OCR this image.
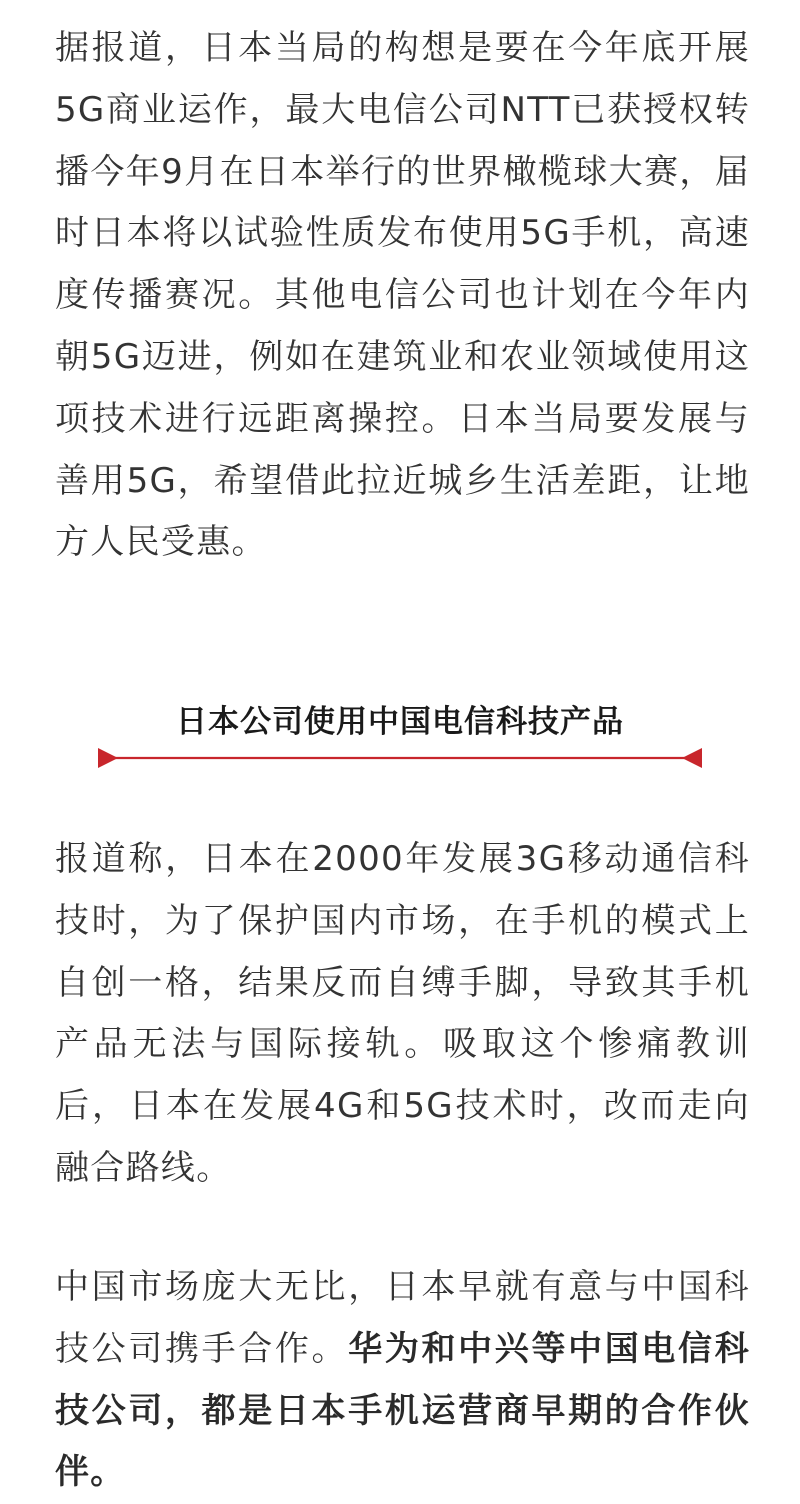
据报道，日本当局的构想是要在今年底开展5G商业运作，最大电信公司NTT已获授权转播今年9月在日本举行的世界橄榄球大赛，届时日本将以试验性质发布使用5G手机，高速度传播赛况。其他电信公司也计划在今年内朝5G迈进，例如在建筑业和农业领域使用这项技术进行远距离操控。日本当局要发展与善用5G，希望借此拉近城乡生活差距，让地方人民受惠。

日本公司使用中国电信科技产品

报道称，日本在2000年发展3G移动通信科技时，为了保护国内市场，在手机的模式上自创一格，结果反而自缚手脚，导致其手机产品无法与国际接轨。吸取这个惨痛教训后，日本在发展4G和5G技术时，改而走向融合路线。

中国市场庞大无比，日本早就有意与中国科技公司携手合作。华为和中兴等中国电信科技公司，都是日本手机运营商早期的合作伙伴。
